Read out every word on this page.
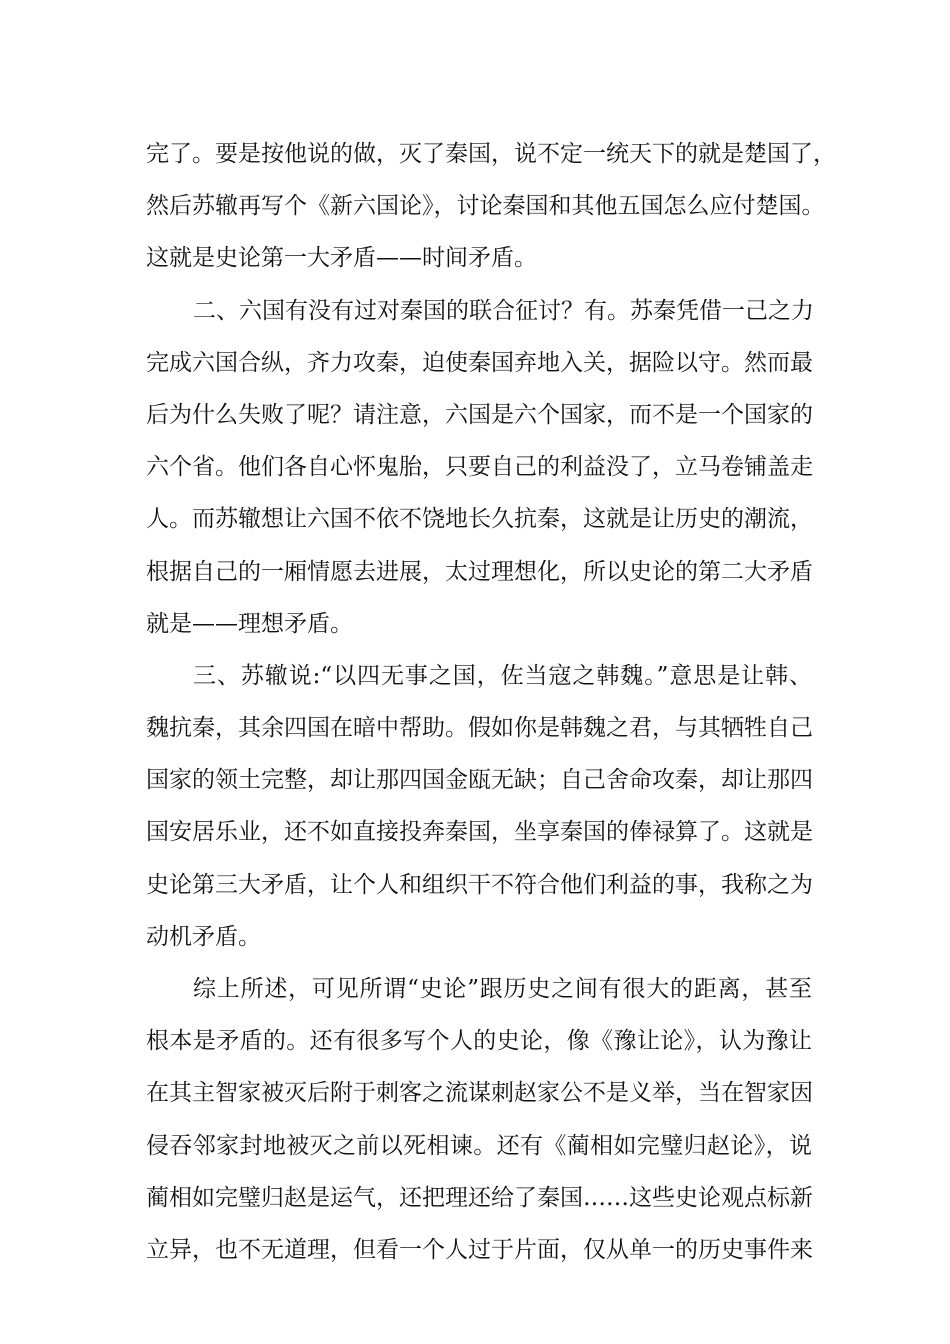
完了。要是按他说的做，灭了秦国，说不定一统天下的就是楚国了，
然后苏辙再写个《新六国论》，讨论秦国和其他五国怎么应付楚国。
这就是史论第一大矛盾——时间矛盾。
二、六国有没有过对秦国的联合征讨？有。苏秦凭借一己之力
完成六国合纵，齐力攻秦，迫使秦国弃地入关，据险以守。然而最
后为什么失败了呢？请注意，六国是六个国家，而不是一个国家的
六个省。他们各自心怀鬼胎，只要自己的利益没了，立马卷铺盖走
人。而苏辙想让六国不依不饶地长久抗秦，这就是让历史的潮流，
根据自己的一厢情愿去进展，太过理想化，所以史论的第二大矛盾
就是——理想矛盾。
三、苏辙说:“以四无事之国，佐当寇之韩魏。”意思是让韩、
魏抗秦，其余四国在暗中帮助。假如你是韩魏之君，与其牺牲自己
国家的领土完整，却让那四国金瓯无缺；自己舍命攻秦，却让那四
国安居乐业，还不如直接投奔秦国，坐享秦国的俸禄算了。这就是
史论第三大矛盾，让个人和组织干不符合他们利益的事，我称之为
动机矛盾。
综上所述，可见所谓“史论”跟历史之间有很大的距离，甚至
根本是矛盾的。还有很多写个人的史论，像《豫让论》，认为豫让
在其主智家被灭后附于刺客之流谋刺赵家公不是义举，当在智家因
侵吞邻家封地被灭之前以死相谏。还有《蔺相如完璧归赵论》，说
蔺相如完璧归赵是运气，还把理还给了秦国……这些史论观点标新
立异，也不无道理，但看一个人过于片面，仅从单一的历史事件来
